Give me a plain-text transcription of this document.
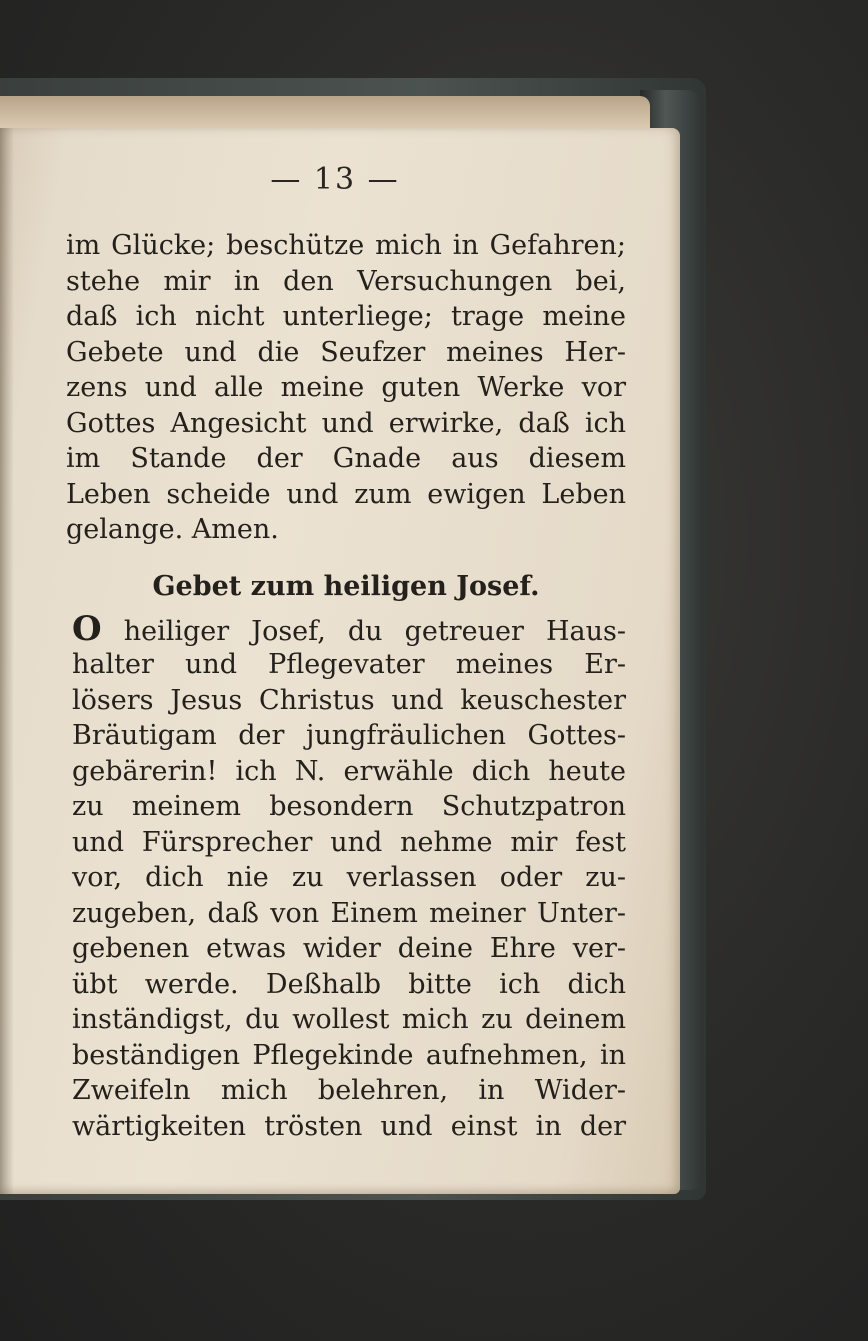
— 13 —
im Glücke; beschütze mich in Gefahren;
stehe mir in den Versuchungen bei,
daß ich nicht unterliege; trage meine
Gebete und die Seufzer meines Her-
zens und alle meine guten Werke vor
Gottes Angesicht und erwirke, daß ich
im Stande der Gnade aus diesem
Leben scheide und zum ewigen Leben
gelange. Amen.
Gebet zum heiligen Josef.
O heiliger Josef, du getreuer Haus-
halter und Pflegevater meines Er-
lösers Jesus Christus und keuschester
Bräutigam der jungfräulichen Gottes-
gebärerin! ich N. erwähle dich heute
zu meinem besondern Schutzpatron
und Fürsprecher und nehme mir fest
vor, dich nie zu verlassen oder zu-
zugeben, daß von Einem meiner Unter-
gebenen etwas wider deine Ehre ver-
übt werde. Deßhalb bitte ich dich
inständigst, du wollest mich zu deinem
beständigen Pflegekinde aufnehmen, in
Zweifeln mich belehren, in Wider-
wärtigkeiten trösten und einst in der
